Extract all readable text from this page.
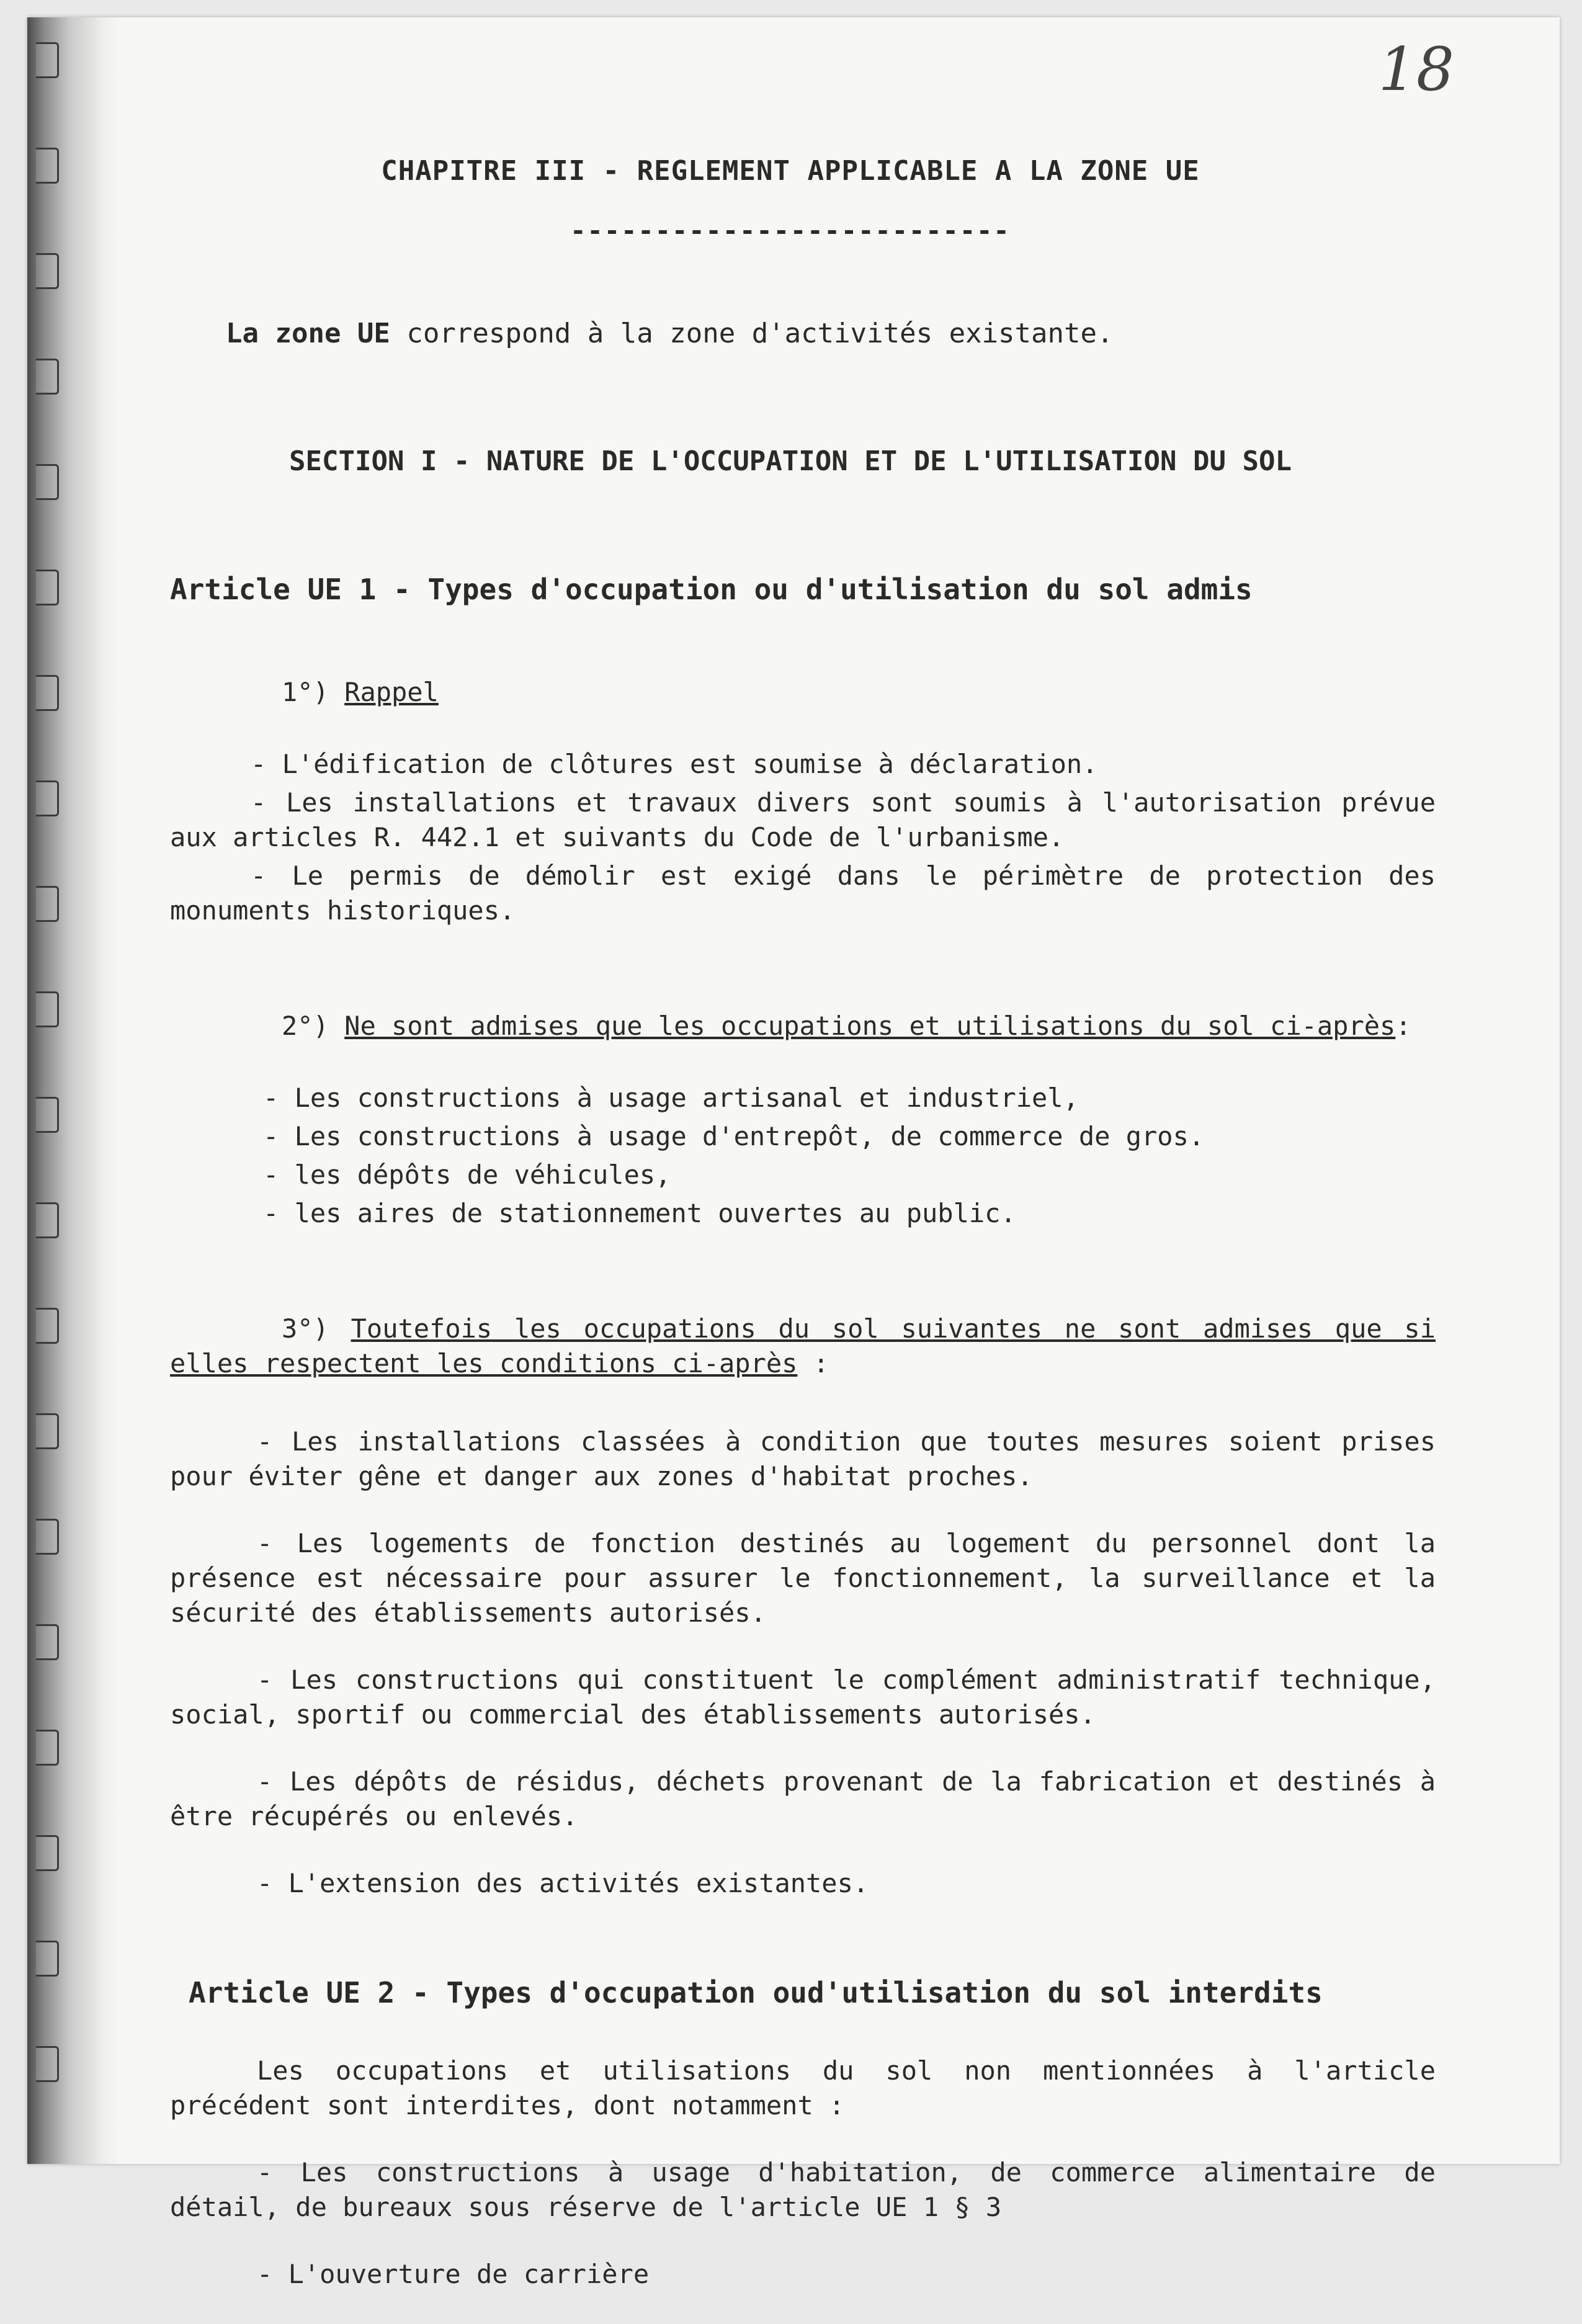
18
CHAPITRE III - REGLEMENT APPLICABLE A LA ZONE UE
--------------------------
La zone UE correspond à la zone d'activités existante.
SECTION I - NATURE DE L'OCCUPATION ET DE L'UTILISATION DU SOL
Article UE 1 - Types d'occupation ou d'utilisation du sol admis
1°) Rappel
- L'édification de clôtures est soumise à déclaration.
- Les installations et travaux divers sont soumis à l'autorisation prévue aux articles R. 442.1 et suivants du Code de l'urbanisme.
- Le permis de démolir est exigé dans le périmètre de protection des monuments historiques.
2°) Ne sont admises que les occupations et utilisations du sol ci-après:
- Les constructions à usage artisanal et industriel,
- Les constructions à usage d'entrepôt, de commerce de gros.
- les dépôts de véhicules,
- les aires de stationnement ouvertes au public.
3°) Toutefois les occupations du sol suivantes ne sont admises que si elles respectent les conditions ci-après :
- Les installations classées à condition que toutes mesures soient prises pour éviter gêne et danger aux zones d'habitat proches.
- Les logements de fonction destinés au logement du personnel dont la présence est nécessaire pour assurer le fonctionnement, la surveillance et la sécurité des établissements autorisés.
- Les constructions qui constituent le complément administratif technique, social, sportif ou commercial des établissements autorisés.
- Les dépôts de résidus, déchets provenant de la fabrication et destinés à être récupérés ou enlevés.
- L'extension des activités existantes.
Article UE 2 - Types d'occupation oud'utilisation du sol interdits
Les occupations et utilisations du sol non mentionnées à l'article précédent sont interdites, dont notamment :
- Les constructions à usage d'habitation, de commerce alimentaire de détail, de bureaux sous réserve de l'article UE 1 § 3
- L'ouverture de carrière
